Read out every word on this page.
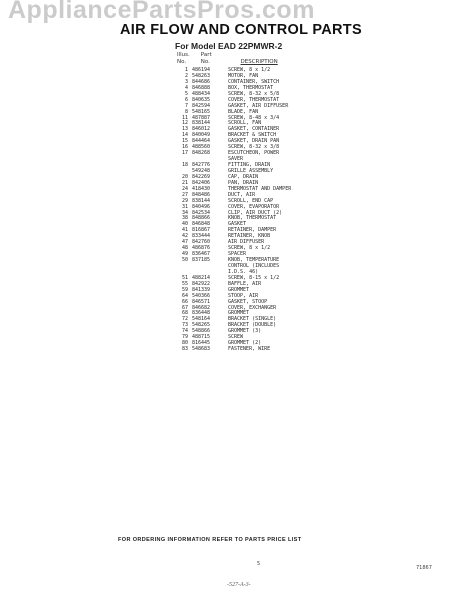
AppliancePartsPros.com
AIR FLOW AND CONTROL PARTS
For Model EAD 22PMWR-2
Illus. Part
No.	No.	DESCRIPTION
1 486194	SCREW, 8 x 1/2
2 548263	MOTOR, FAN
3 844686	CONTAINER, SWITCH
4 846888	BOX, THERMOSTAT
5 488434	SCREW, 8-32 x 5/8
6 840635	COVER, THERMOSTAT
7 842594	GASKET, AIR DIFFUSER
8 548165	BLADE, FAN
11 487887	SCREW, 8-48 x 3/4
12 838144	SCROLL, FAN
13 846012	GASKET, CONTAINER
14 840049	BRACKET & SWITCH
15 844464	GASKET, DRAIN PAN
16 488560	SCREW, 8-32 x 3/8
17 848268	ESCUTCHEON, POWER
SAVER
18 842776	FITTING, DRAIN
549248	GRILLE ASSEMBLY
20 842269	CAP, DRAIN
21 842406	PAN, DRAIN
24 418430	THERMOSTAT AND DAMPER
27 848486	DUCT, AIR
29 838144	SCROLL, END CAP
31 840496	COVER, EVAPORATOR
34 842534	CLIP, AIR DUCT (2)
38 848866	KNOB, THERMOSTAT
40 846848	GASKET
41 816867	RETAINER, DAMPER
42 833444	RETAINER, KNOB
47 842760	AIR DIFFUSER
48 486876	SCREW, 8 x 1/2
49 836467	SPACER
50 837185	KNOB, TEMPERATURE
CONTROL (INCLUDES
I.D.S. 46)
51 488214	SCREW, 8-15 x 1/2
55 842922	BAFFLE, AIR
59 841339	GROMMET
64 540366	STOOP, AIR
66 846571	GASKET, STOOP
67 846682	COVER, EXCHANGER
68 836448	GROMMET
72 548164	BRACKET (SINGLE)
73 548265	BRACKET (DOUBLE)
74 548866	GROMMET (3)
79 488715	SCREW
80 816445	GROMMET (2)
83 548683	FASTENER, WIRE
FOR ORDERING INFORMATION REFER TO PARTS PRICE LIST
5
71867
-527-A-3-
